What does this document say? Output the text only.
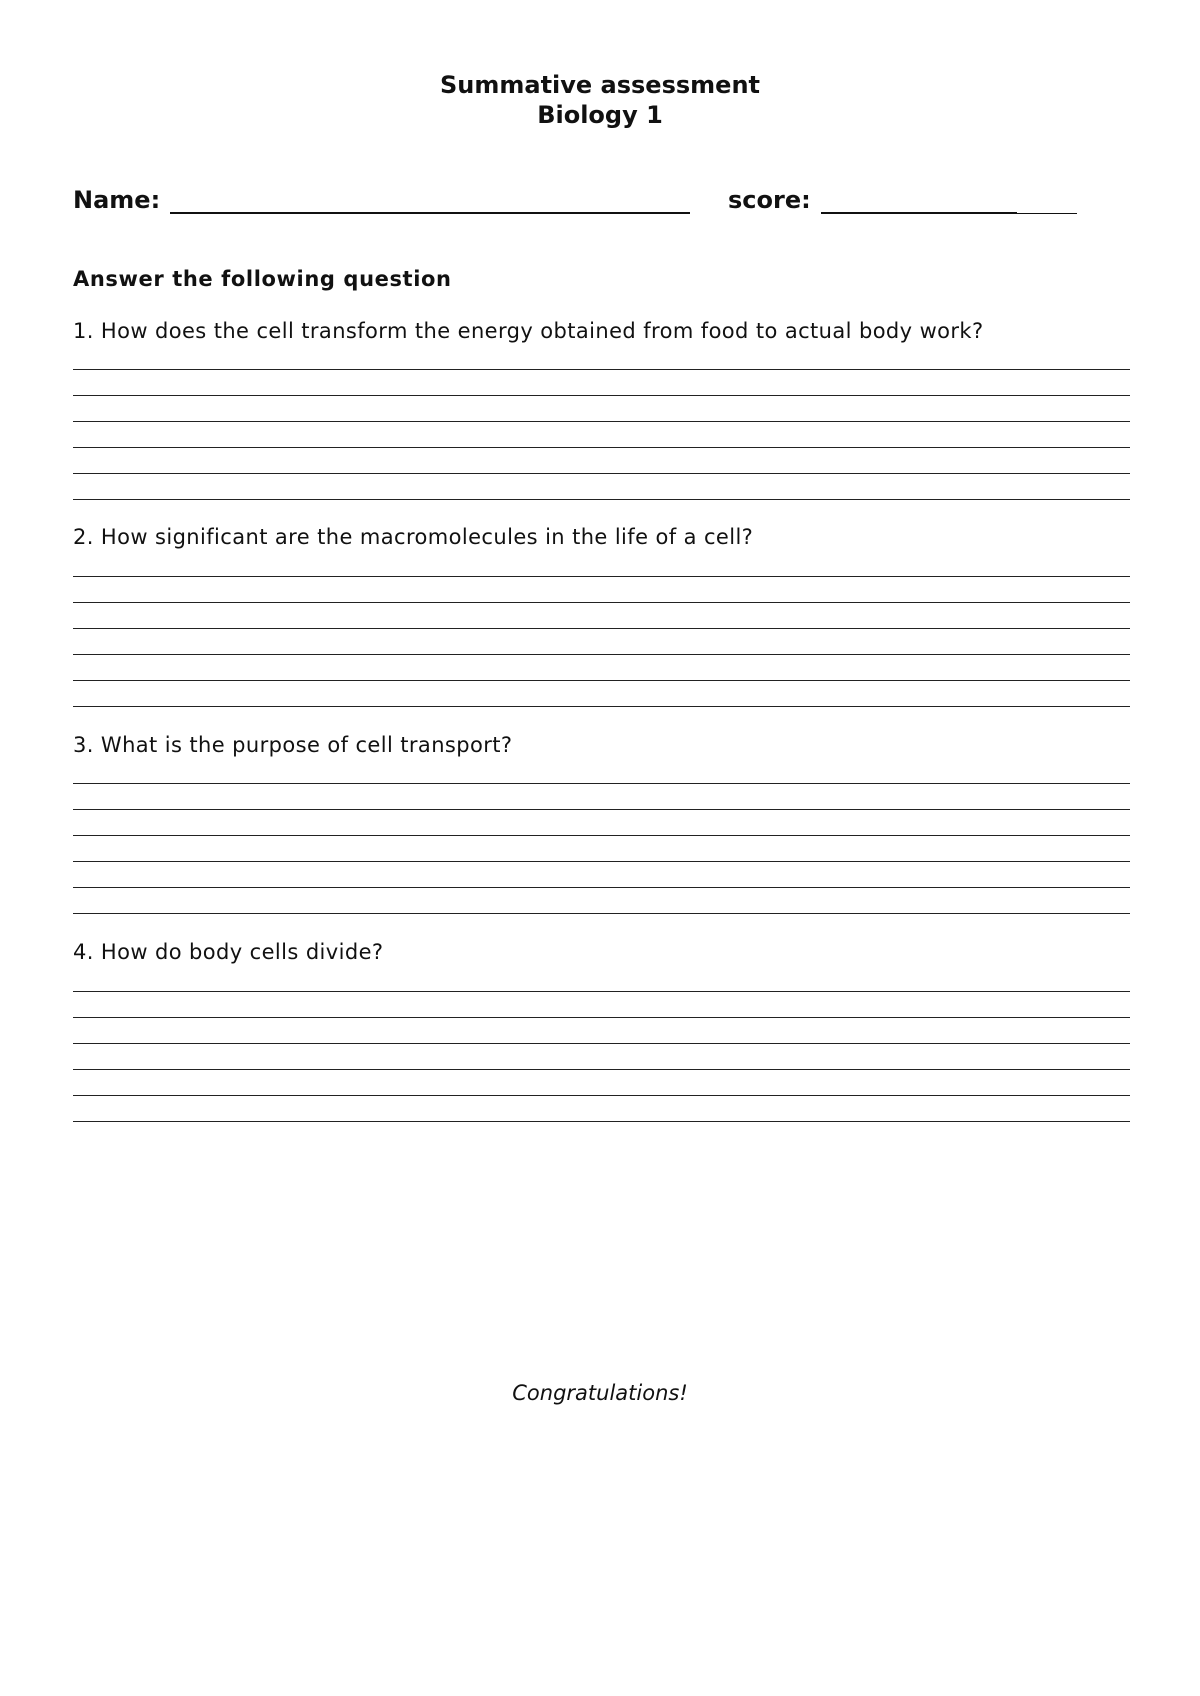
Summative assessment
Biology 1
Name:	score:
Answer the following question
1. How does the cell transform the energy obtained from food to actual body work?
2. How significant are the macromolecules in the life of a cell?
3. What is the purpose of cell transport?
4. How do body cells divide?
Congratulations!
